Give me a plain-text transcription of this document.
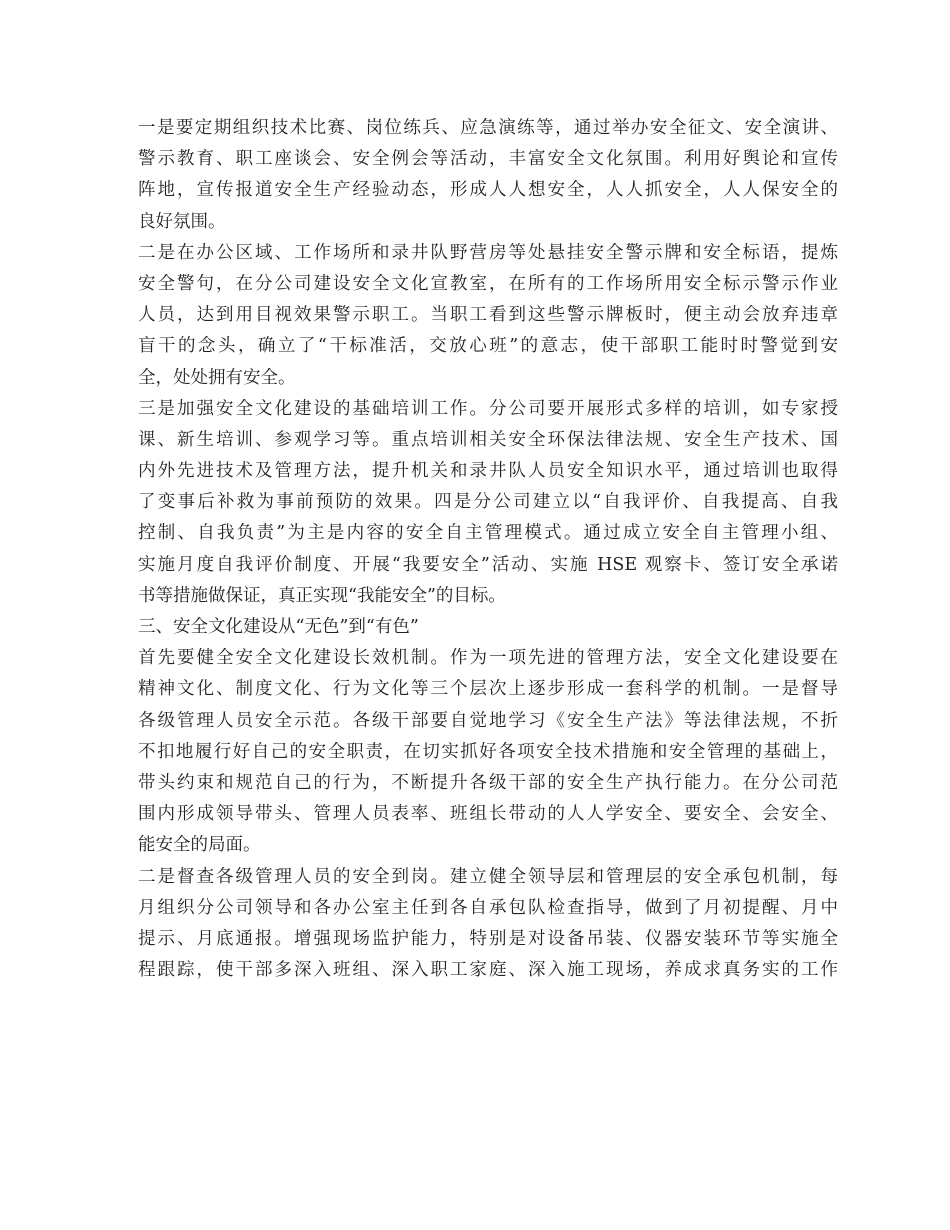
一是要定期组织技术比赛、岗位练兵、应急演练等，通过举办安全征文、安全演讲、
警示教育、职工座谈会、安全例会等活动，丰富安全文化氛围。利用好舆论和宣传
阵地，宣传报道安全生产经验动态，形成人人想安全，人人抓安全，人人保安全的
良好氛围。
二是在办公区域、工作场所和录井队野营房等处悬挂安全警示牌和安全标语，提炼
安全警句，在分公司建设安全文化宣教室，在所有的工作场所用安全标示警示作业
人员，达到用目视效果警示职工。当职工看到这些警示牌板时，便主动会放弃违章
盲干的念头，确立了“干标准活，交放心班”的意志，使干部职工能时时警觉到安
全，处处拥有安全。
三是加强安全文化建设的基础培训工作。分公司要开展形式多样的培训，如专家授
课、新生培训、参观学习等。重点培训相关安全环保法律法规、安全生产技术、国
内外先进技术及管理方法，提升机关和录井队人员安全知识水平，通过培训也取得
了变事后补救为事前预防的效果。四是分公司建立以“自我评价、自我提高、自我
控制、自我负责”为主是内容的安全自主管理模式。通过成立安全自主管理小组、
实施月度自我评价制度、开展“我要安全”活动、实施 HSE 观察卡、签订安全承诺
书等措施做保证，真正实现“我能安全”的目标。
三、安全文化建设从“无色”到“有色”
首先要健全安全文化建设长效机制。作为一项先进的管理方法，安全文化建设要在
精神文化、制度文化、行为文化等三个层次上逐步形成一套科学的机制。一是督导
各级管理人员安全示范。各级干部要自觉地学习《安全生产法》等法律法规，不折
不扣地履行好自己的安全职责，在切实抓好各项安全技术措施和安全管理的基础上，
带头约束和规范自己的行为，不断提升各级干部的安全生产执行能力。在分公司范
围内形成领导带头、管理人员表率、班组长带动的人人学安全、要安全、会安全、
能安全的局面。
二是督查各级管理人员的安全到岗。建立健全领导层和管理层的安全承包机制，每
月组织分公司领导和各办公室主任到各自承包队检查指导，做到了月初提醒、月中
提示、月底通报。增强现场监护能力，特别是对设备吊装、仪器安装环节等实施全
程跟踪，使干部多深入班组、深入职工家庭、深入施工现场，养成求真务实的工作
